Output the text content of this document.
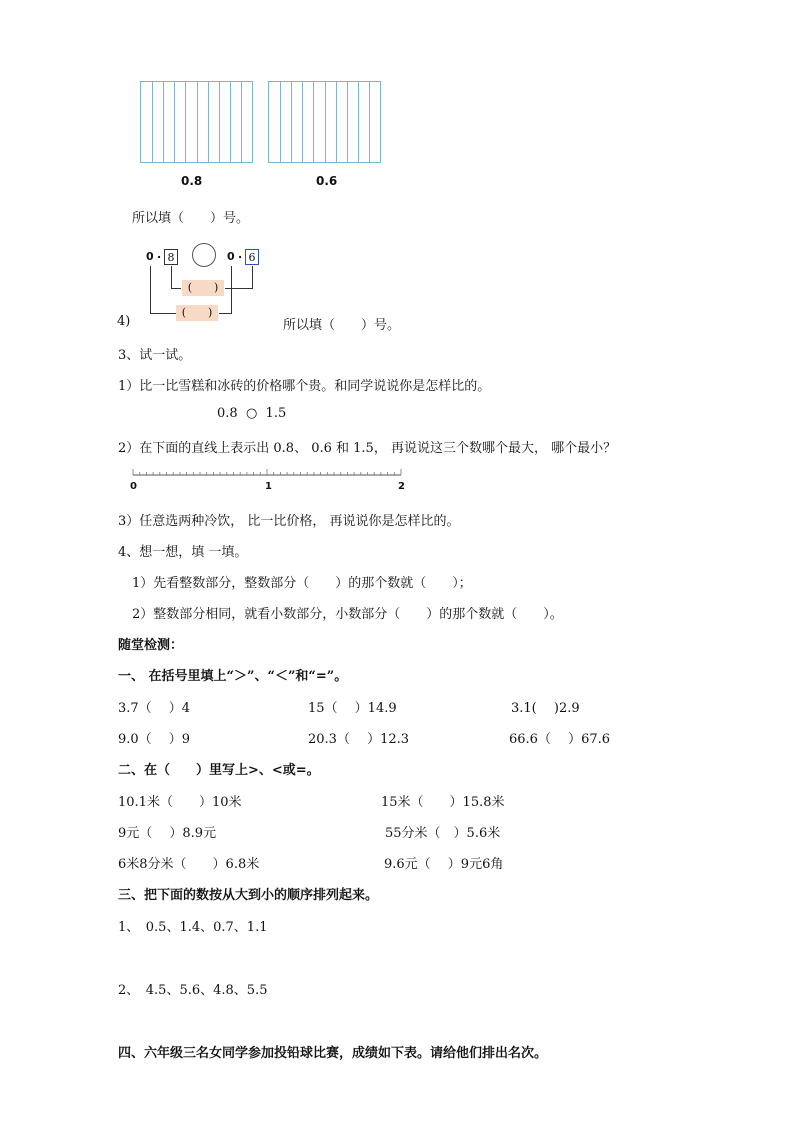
0.8	0.6
所以填（　　）号。
0 . 8	0 . 6
(　　)
(　　)
4)	所以填（　　）号。
3、试一试。
1）比一比雪糕和冰砖的价格哪个贵。和同学说说你是怎样比的。
0.8  ○  1.5
2）在下面的直线上表示出 0.8、 0.6 和 1.5， 再说说这三个数哪个最大， 哪个最小？
0	1	2
3）任意选两种冷饮， 比一比价格， 再说说你是怎样比的。
4、想一想，填 一填。
1）先看整数部分，整数部分（　　）的那个数就（　　）；
2）整数部分相同，就看小数部分，小数部分（　　）的那个数就（　　）。
随堂检测：
一、 在括号里填上“＞”、“＜”和“=”。
3.7（　 ）4	15（　 ）14.9	3.1(　 )2.9
9.0（　 ）9	20.3（　 ）12.3	66.6（　 ）67.6
二、在（　　）里写上>、<或=。
10.1米（　　）10米	15米（　　）15.8米
9元（　 ）8.9元	55分米（　）5.6米
6米8分米（　　）6.8米	9.6元（　 ）9元6角
三、把下面的数按从大到小的顺序排列起来。
1、　0.5、1.4、0.7、1.1
2、　4.5、5.6、4.8、5.5
四、六年级三名女同学参加投铅球比赛，成绩如下表。请给他们排出名次。
